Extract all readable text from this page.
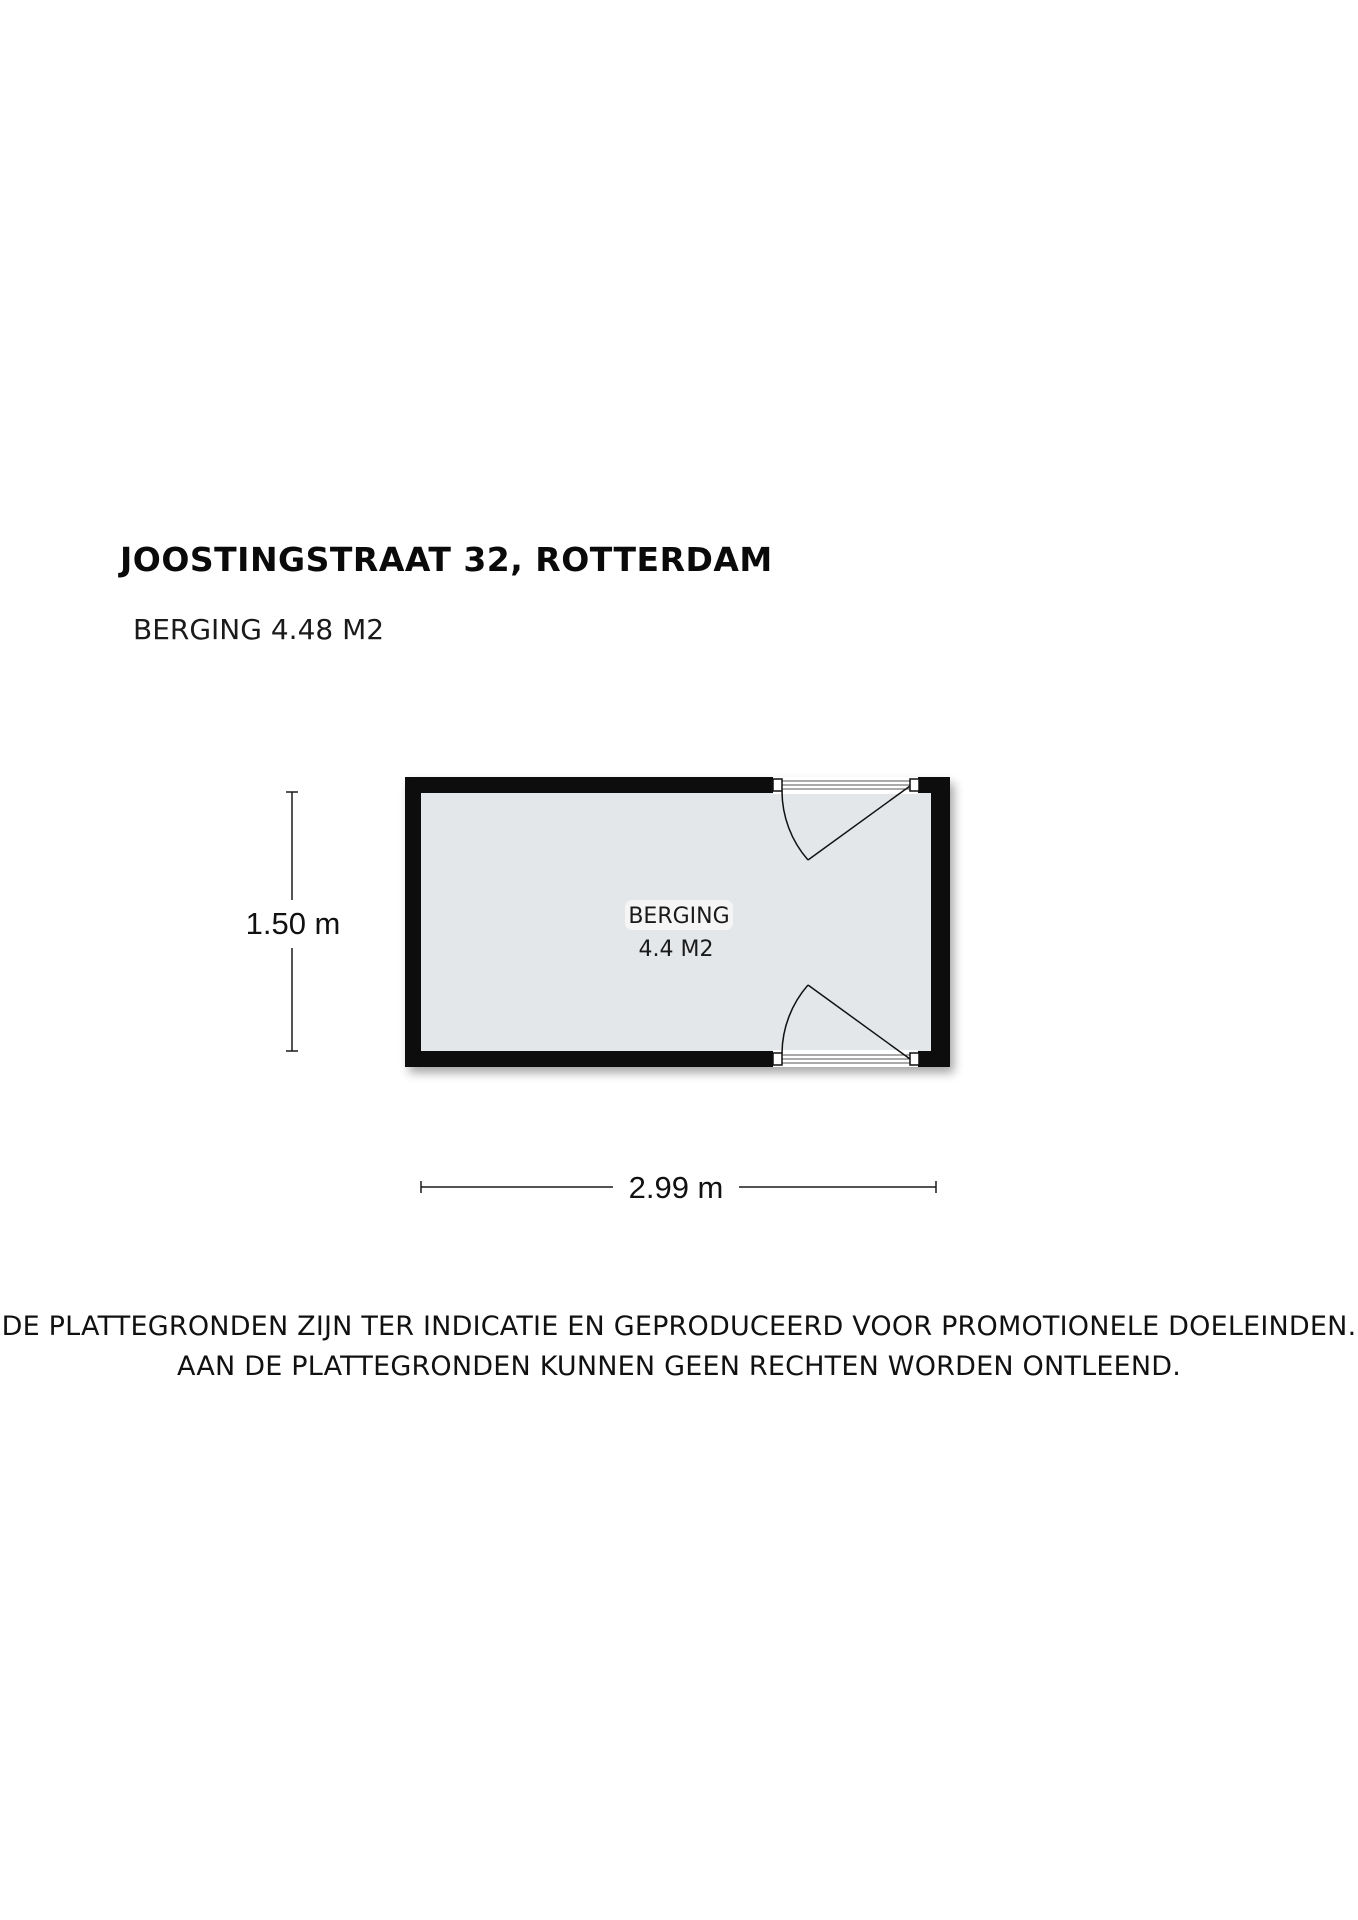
JOOSTINGSTRAAT 32, ROTTERDAM
BERGING 4.48 M2
BERGING
4.4 M2
1.50 m
2.99 m
DE PLATTEGRONDEN ZIJN TER INDICATIE EN GEPRODUCEERD VOOR PROMOTIONELE DOELEINDEN.
AAN DE PLATTEGRONDEN KUNNEN GEEN RECHTEN WORDEN ONTLEEND.
